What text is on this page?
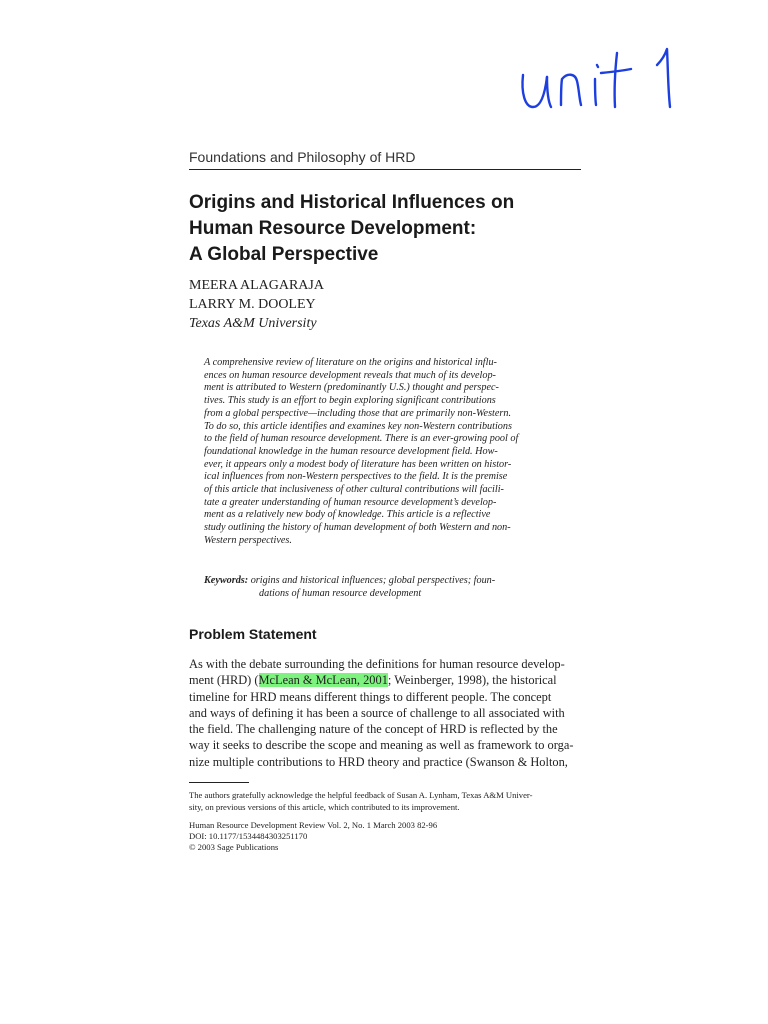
Foundations and Philosophy of HRD
Origins and Historical Influences on
Human Resource Development:
A Global Perspective
MEERA ALAGARAJA
LARRY M. DOOLEY
Texas A&M University
A comprehensive review of literature on the origins and historical influ-
ences on human resource development reveals that much of its develop-
ment is attributed to Western (predominantly U.S.) thought and perspec-
tives. This study is an effort to begin exploring significant contributions
from a global perspective—including those that are primarily non-Western.
To do so, this article identifies and examines key non-Western contributions
to the field of human resource development. There is an ever-growing pool of
foundational knowledge in the human resource development field. How-
ever, it appears only a modest body of literature has been written on histor-
ical influences from non-Western perspectives to the field. It is the premise
of this article that inclusiveness of other cultural contributions will facili-
tate a greater understanding of human resource development’s develop-
ment as a relatively new body of knowledge. This article is a reflective
study outlining the history of human development of both Western and non-
Western perspectives.
Keywords: origins and historical influences; global perspectives; foun-
dations of human resource development
Problem Statement
As with the debate surrounding the definitions for human resource develop-
ment (HRD) (McLean & McLean, 2001; Weinberger, 1998), the historical
timeline for HRD means different things to different people. The concept
and ways of defining it has been a source of challenge to all associated with
the field. The challenging nature of the concept of HRD is reflected by the
way it seeks to describe the scope and meaning as well as framework to orga-
nize multiple contributions to HRD theory and practice (Swanson & Holton,
The authors gratefully acknowledge the helpful feedback of Susan A. Lynham, Texas A&M Univer-
sity, on previous versions of this article, which contributed to its improvement.
Human Resource Development Review Vol. 2, No. 1 March 2003 82-96
DOI: 10.1177/1534484303251170
© 2003 Sage Publications
